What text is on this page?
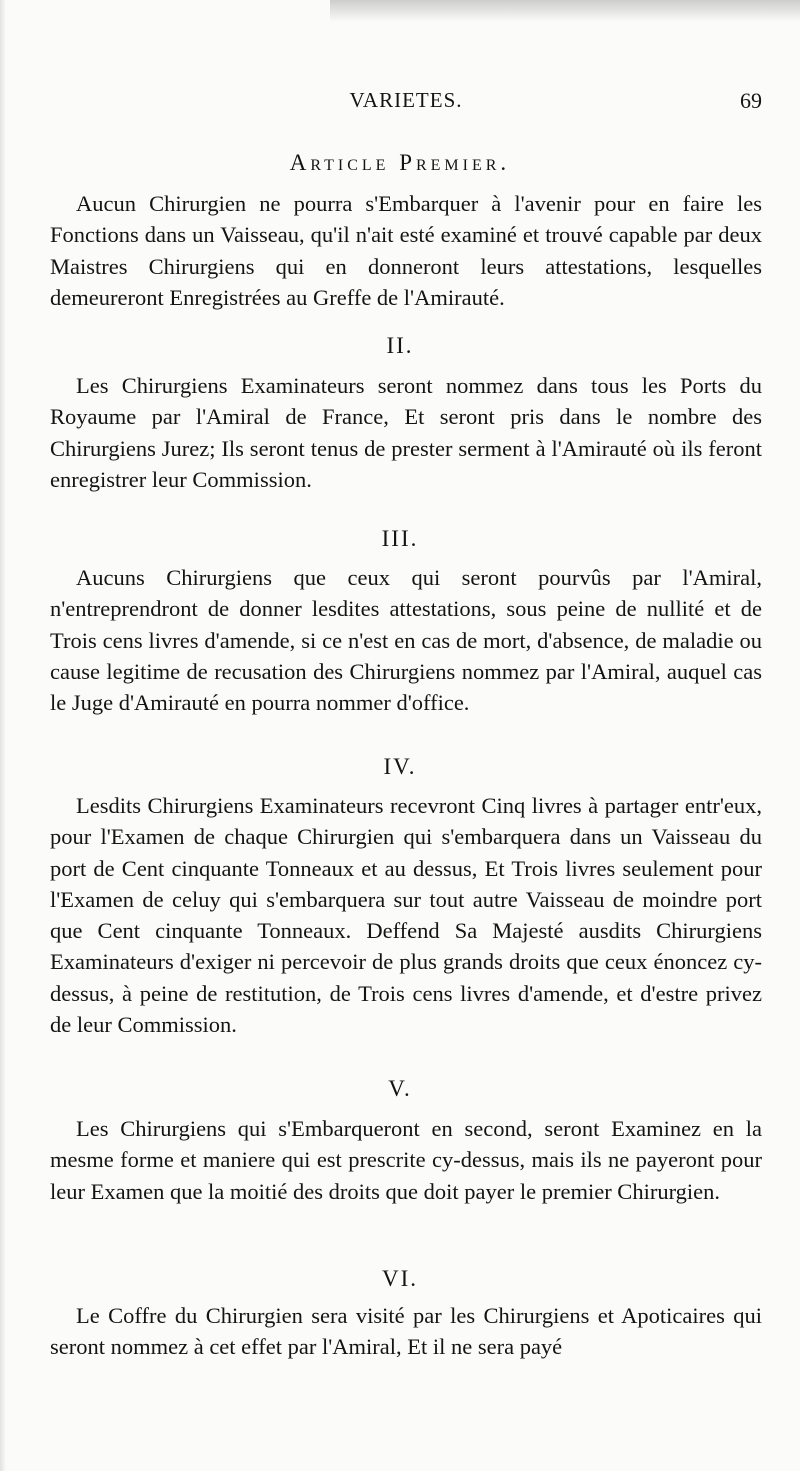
VARIETES.	69
Article Premier.

Aucun Chirurgien ne pourra s'Embarquer à l'avenir pour en faire les Fonctions dans un Vaisseau, qu'il n'ait esté examiné et trouvé capable par deux Maistres Chirurgiens qui en donneront leurs attestations, lesquelles demeureront Enregistrées au Greffe de l'Amirauté.

II.

Les Chirurgiens Examinateurs seront nommez dans tous les Ports du Royaume par l'Amiral de France, Et seront pris dans le nombre des Chirurgiens Jurez; Ils seront tenus de prester serment à l'Amirauté où ils feront enregistrer leur Commission.

III.

Aucuns Chirurgiens que ceux qui seront pourvûs par l'Amiral, n'entreprendront de donner lesdites attestations, sous peine de nullité et de Trois cens livres d'amende, si ce n'est en cas de mort, d'absence, de maladie ou cause legitime de recusation des Chirurgiens nommez par l'Amiral, auquel cas le Juge d'Amirauté en pourra nommer d'office.

IV.

Lesdits Chirurgiens Examinateurs recevront Cinq livres à partager entr'eux, pour l'Examen de chaque Chirurgien qui s'embarquera dans un Vaisseau du port de Cent cinquante Tonneaux et au dessus, Et Trois livres seulement pour l'Examen de celuy qui s'embarquera sur tout autre Vaisseau de moindre port que Cent cinquante Tonneaux. Deffend Sa Majesté ausdits Chirurgiens Examinateurs d'exiger ni percevoir de plus grands droits que ceux énoncez cy-dessus, à peine de restitution, de Trois cens livres d'amende, et d'estre privez de leur Commission.

V.

Les Chirurgiens qui s'Embarqueront en second, seront Examinez en la mesme forme et maniere qui est prescrite cy-dessus, mais ils ne payeront pour leur Examen que la moitié des droits que doit payer le premier Chirurgien.

VI.

Le Coffre du Chirurgien sera visité par les Chirurgiens et Apoticaires qui seront nommez à cet effet par l'Amiral, Et il ne sera payé
